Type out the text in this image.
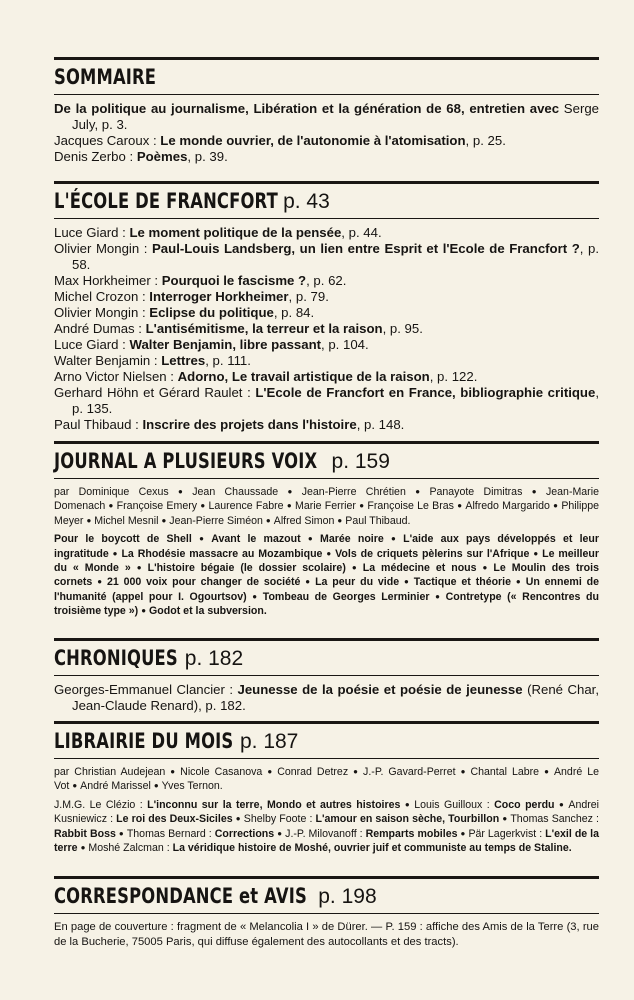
SOMMAIRE

De la politique au journalisme, Libération et la génération de 68, entretien avec Serge July, p. 3.

Jacques Caroux : Le monde ouvrier, de l'autonomie à l'atomisation, p. 25.

Denis Zerbo : Poèmes, p. 39.

L'ÉCOLE DE FRANCFORT p. 43

Luce Giard : Le moment politique de la pensée, p. 44.

Olivier Mongin : Paul-Louis Landsberg, un lien entre Esprit et l'Ecole de Francfort ?, p. 58.

Max Horkheimer : Pourquoi le fascisme ?, p. 62.

Michel Crozon : Interroger Horkheimer, p. 79.

Olivier Mongin : Eclipse du politique, p. 84.

André Dumas : L'antisémitisme, la terreur et la raison, p. 95.

Luce Giard : Walter Benjamin, libre passant, p. 104.

Walter Benjamin : Lettres, p. 111.

Arno Victor Nielsen : Adorno, Le travail artistique de la raison, p. 122.

Gerhard Höhn et Gérard Raulet : L'Ecole de Francfort en France, bibliographie critique, p. 135.

Paul Thibaud : Inscrire des projets dans l'histoire, p. 148.

JOURNAL A PLUSIEURS VOIX p. 159

par Dominique Cexus ● Jean Chaussade ● Jean-Pierre Chrétien ● Panayote Dimitras ● Jean-Marie Domenach ● Françoise Emery ● Laurence Fabre ● Marie Ferrier ● Françoise Le Bras ● Alfredo Margarido ● Philippe Meyer ● Michel Mesnil ● Jean-Pierre Siméon ● Alfred Simon ● Paul Thibaud.

Pour le boycott de Shell ● Avant le mazout ● Marée noire ● L'aide aux pays développés et leur ingratitude ● La Rhodésie massacre au Mozambique ● Vols de criquets pèlerins sur l'Afrique ● Le meilleur du « Monde » ● L'histoire bégaie (le dossier scolaire) ● La médecine et nous ● Le Moulin des trois cornets ● 21 000 voix pour changer de société ● La peur du vide ● Tactique et théorie ● Un ennemi de l'humanité (appel pour I. Ogourtsov) ● Tombeau de Georges Lerminier ● Contretype (« Rencontres du troisième type ») ● Godot et la subversion.

CHRONIQUES p. 182

Georges-Emmanuel Clancier : Jeunesse de la poésie et poésie de jeunesse (René Char, Jean-Claude Renard), p. 182.

LIBRAIRIE DU MOIS p. 187

par Christian Audejean ● Nicole Casanova ● Conrad Detrez ● J.-P. Gavard-Perret ● Chantal Labre ● André Le Vot ● André Marissel ● Yves Ternon.

J.M.G. Le Clézio : L'inconnu sur la terre, Mondo et autres histoires ● Louis Guilloux : Coco perdu ● Andrei Kusniewicz : Le roi des Deux-Siciles ● Shelby Foote : L'amour en saison sèche, Tourbillon ● Thomas Sanchez : Rabbit Boss ● Thomas Bernard : Corrections ● J.-P. Milovanoff : Remparts mobiles ● Pär Lagerkvist : L'exil de la terre ● Moshé Zalcman : La véridique histoire de Moshé, ouvrier juif et communiste au temps de Staline.

CORRESPONDANCE et AVIS p. 198

En page de couverture : fragment de « Melancolia I » de Dürer. — P. 159 : affiche des Amis de la Terre (3, rue de la Bucherie, 75005 Paris, qui diffuse également des autocollants et des tracts).
